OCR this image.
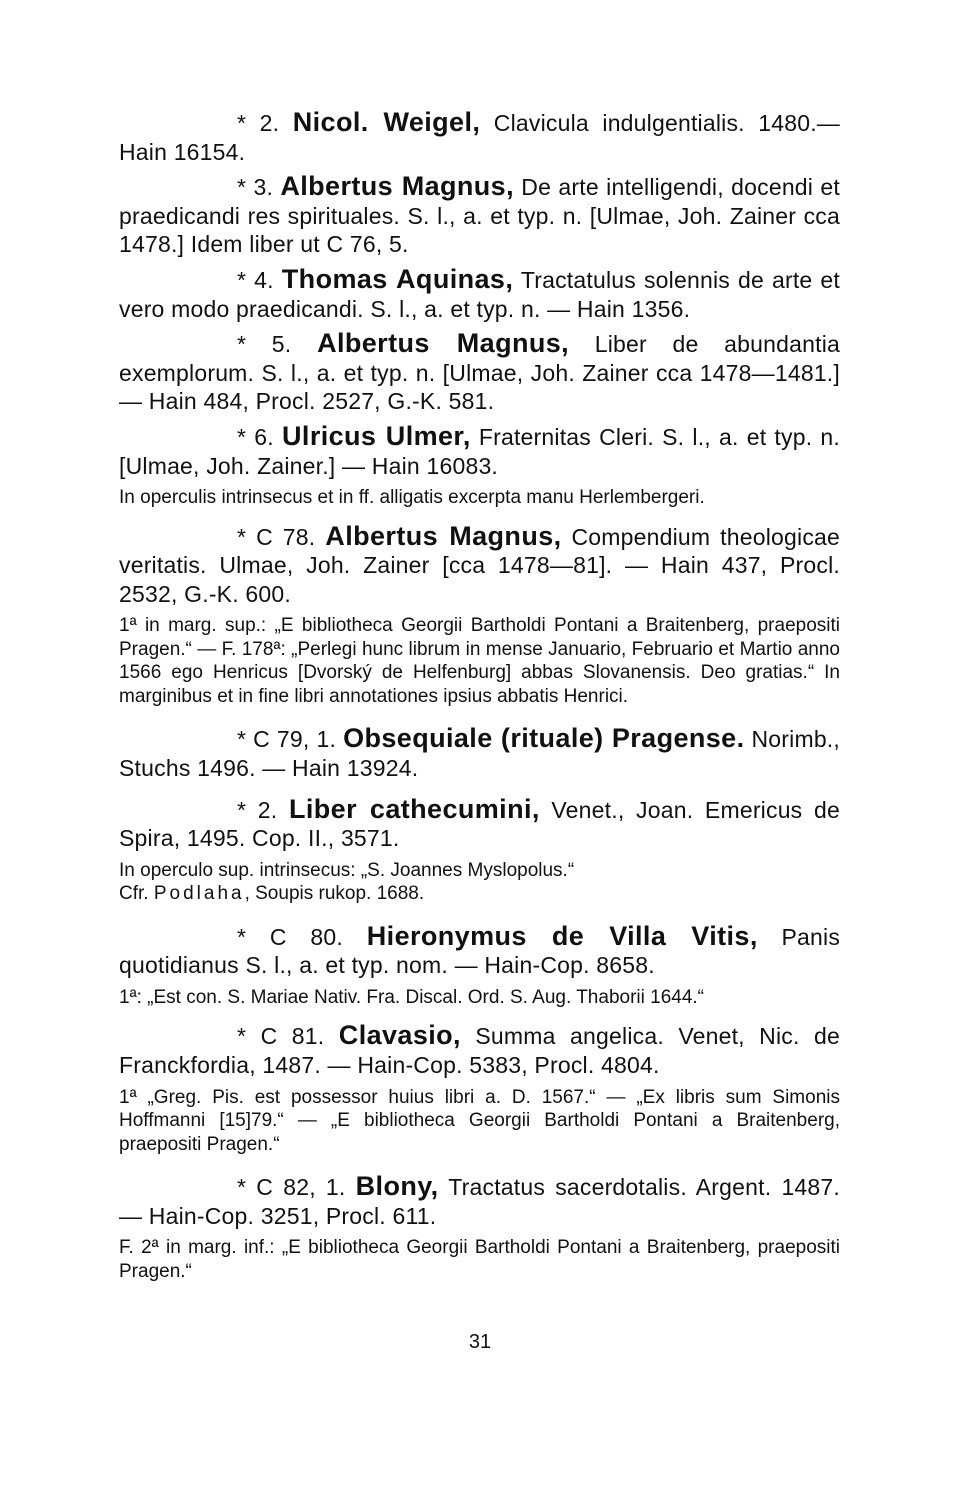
* 2. Nicol. Weigel, Clavicula indulgentialis. 1480.— Hain 16154.

* 3. Albertus Magnus, De arte intelligendi, docendi et praedicandi res spirituales. S. l., a. et typ. n. [Ulmae, Joh. Zainer cca 1478.] Idem liber ut C 76, 5.

* 4. Thomas Aquinas, Tractatulus solennis de arte et vero modo praedicandi. S. l., a. et typ. n. — Hain 1356.

* 5. Albertus Magnus, Liber de abundantia exemplorum. S. l., a. et typ. n. [Ulmae, Joh. Zainer cca 1478—1481.] — Hain 484, Procl. 2527, G.-K. 581.

* 6. Ulricus Ulmer, Fraternitas Cleri. S. l., a. et typ. n. [Ulmae, Joh. Zainer.] — Hain 16083.

In operculis intrinsecus et in ff. alligatis excerpta manu Herlembergeri.

* C 78. Albertus Magnus, Compendium theologicae veritatis. Ulmae, Joh. Zainer [cca 1478—81]. — Hain 437, Procl. 2532, G.-K. 600.

1ª in marg. sup.: „E bibliotheca Georgii Bartholdi Pontani a Braitenberg, praepositi Pragen.“ — F. 178ª: „Perlegi hunc librum in mense Januario, Februario et Martio anno 1566 ego Henricus [Dvorský de Helfenburg] abbas Slovanensis. Deo gratias.“ In marginibus et in fine libri annotationes ipsius abbatis Henrici.

* C 79, 1. Obsequiale (rituale) Pragense. Norimb., Stuchs 1496. — Hain 13924.

* 2. Liber cathecumini, Venet., Joan. Emericus de Spira, 1495. Cop. II., 3571.

In operculo sup. intrinsecus: „S. Joannes Myslopolus.“

Cfr. Podlaha, Soupis rukop. 1688.

* C 80. Hieronymus de Villa Vitis, Panis quotidianus S. l., a. et typ. nom. — Hain-Cop. 8658.

1ª: „Est con. S. Mariae Nativ. Fra. Discal. Ord. S. Aug. Thaborii 1644.“

* C 81. Clavasio, Summa angelica. Venet, Nic. de Franckfordia, 1487. — Hain-Cop. 5383, Procl. 4804.

1ª „Greg. Pis. est possessor huius libri a. D. 1567.“ — „Ex libris sum Simonis Hoffmanni [15]79.“ — „E bibliotheca Georgii Bartholdi Pontani a Braitenberg, praepositi Pragen.“

* C 82, 1. Blony, Tractatus sacerdotalis. Argent. 1487. — Hain-Cop. 3251, Procl. 611.

F. 2ª in marg. inf.: „E bibliotheca Georgii Bartholdi Pontani a Braitenberg, praepositi Pragen.“

31
